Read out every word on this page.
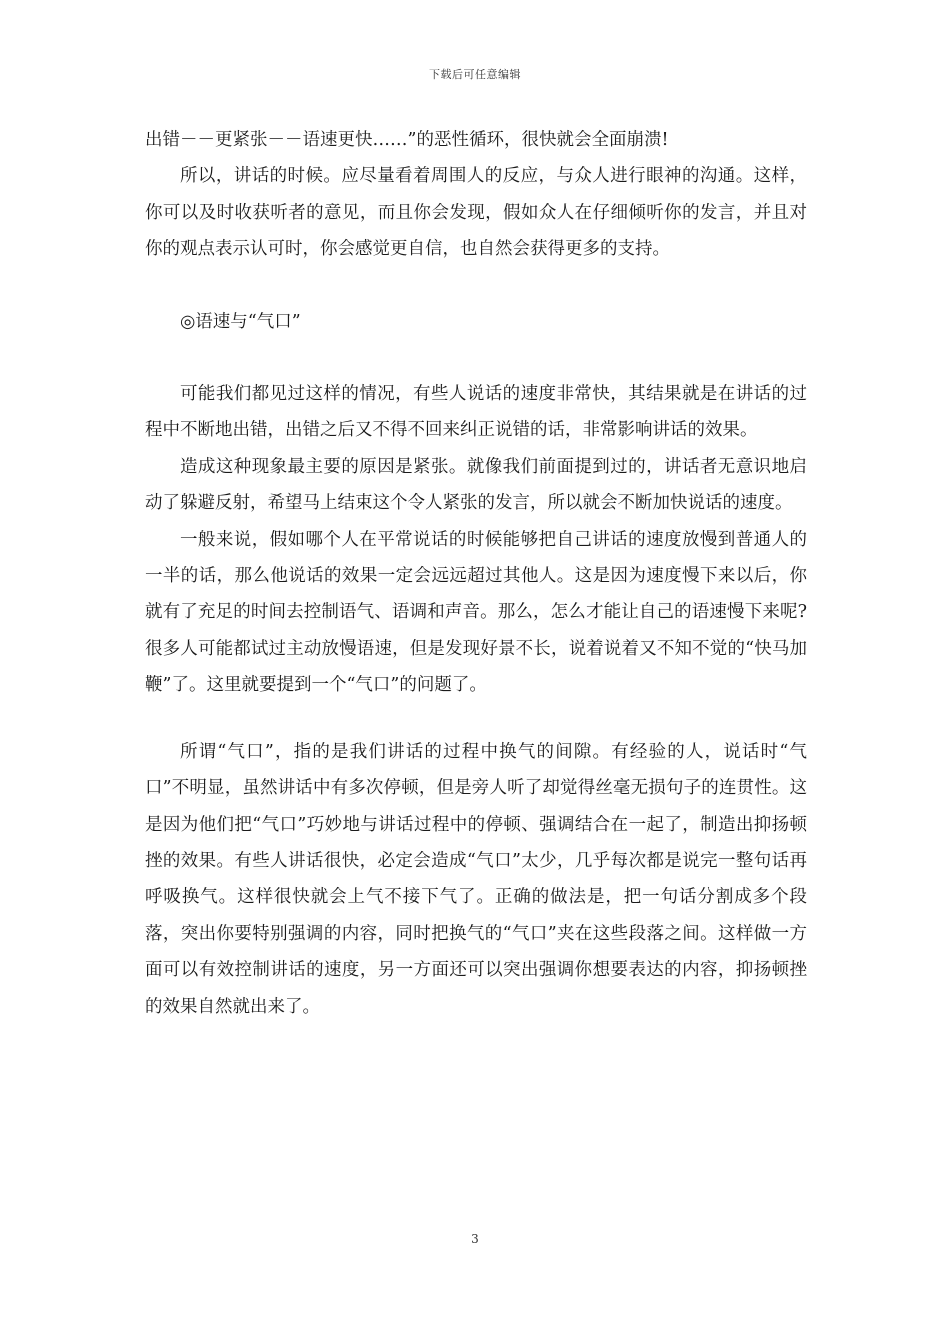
下载后可任意编辑

出错－－更紧张－－语速更快……”的恶性循环，很快就会全面崩溃!

所以，讲话的时候。应尽量看着周围人的反应，与众人进行眼神的沟通。这样，你可以及时收获听者的意见，而且你会发现，假如众人在仔细倾听你的发言，并且对你的观点表示认可时，你会感觉更自信，也自然会获得更多的支持。

◎语速与“气口”

可能我们都见过这样的情况，有些人说话的速度非常快，其结果就是在讲话的过程中不断地出错，出错之后又不得不回来纠正说错的话，非常影响讲话的效果。

造成这种现象最主要的原因是紧张。就像我们前面提到过的，讲话者无意识地启动了躲避反射，希望马上结束这个令人紧张的发言，所以就会不断加快说话的速度。

一般来说，假如哪个人在平常说话的时候能够把自己讲话的速度放慢到普通人的一半的话，那么他说话的效果一定会远远超过其他人。这是因为速度慢下来以后，你就有了充足的时间去控制语气、语调和声音。那么，怎么才能让自己的语速慢下来呢?很多人可能都试过主动放慢语速，但是发现好景不长，说着说着又不知不觉的“快马加鞭”了。这里就要提到一个“气口”的问题了。

所谓“气口”，指的是我们讲话的过程中换气的间隙。有经验的人，说话时“气口”不明显，虽然讲话中有多次停顿，但是旁人听了却觉得丝毫无损句子的连贯性。这是因为他们把“气口”巧妙地与讲话过程中的停顿、强调结合在一起了，制造出抑扬顿挫的效果。有些人讲话很快，必定会造成“气口”太少，几乎每次都是说完一整句话再呼吸换气。这样很快就会上气不接下气了。正确的做法是，把一句话分割成多个段落，突出你要特别强调的内容，同时把换气的“气口”夹在这些段落之间。这样做一方面可以有效控制讲话的速度，另一方面还可以突出强调你想要表达的内容，抑扬顿挫的效果自然就出来了。

3
